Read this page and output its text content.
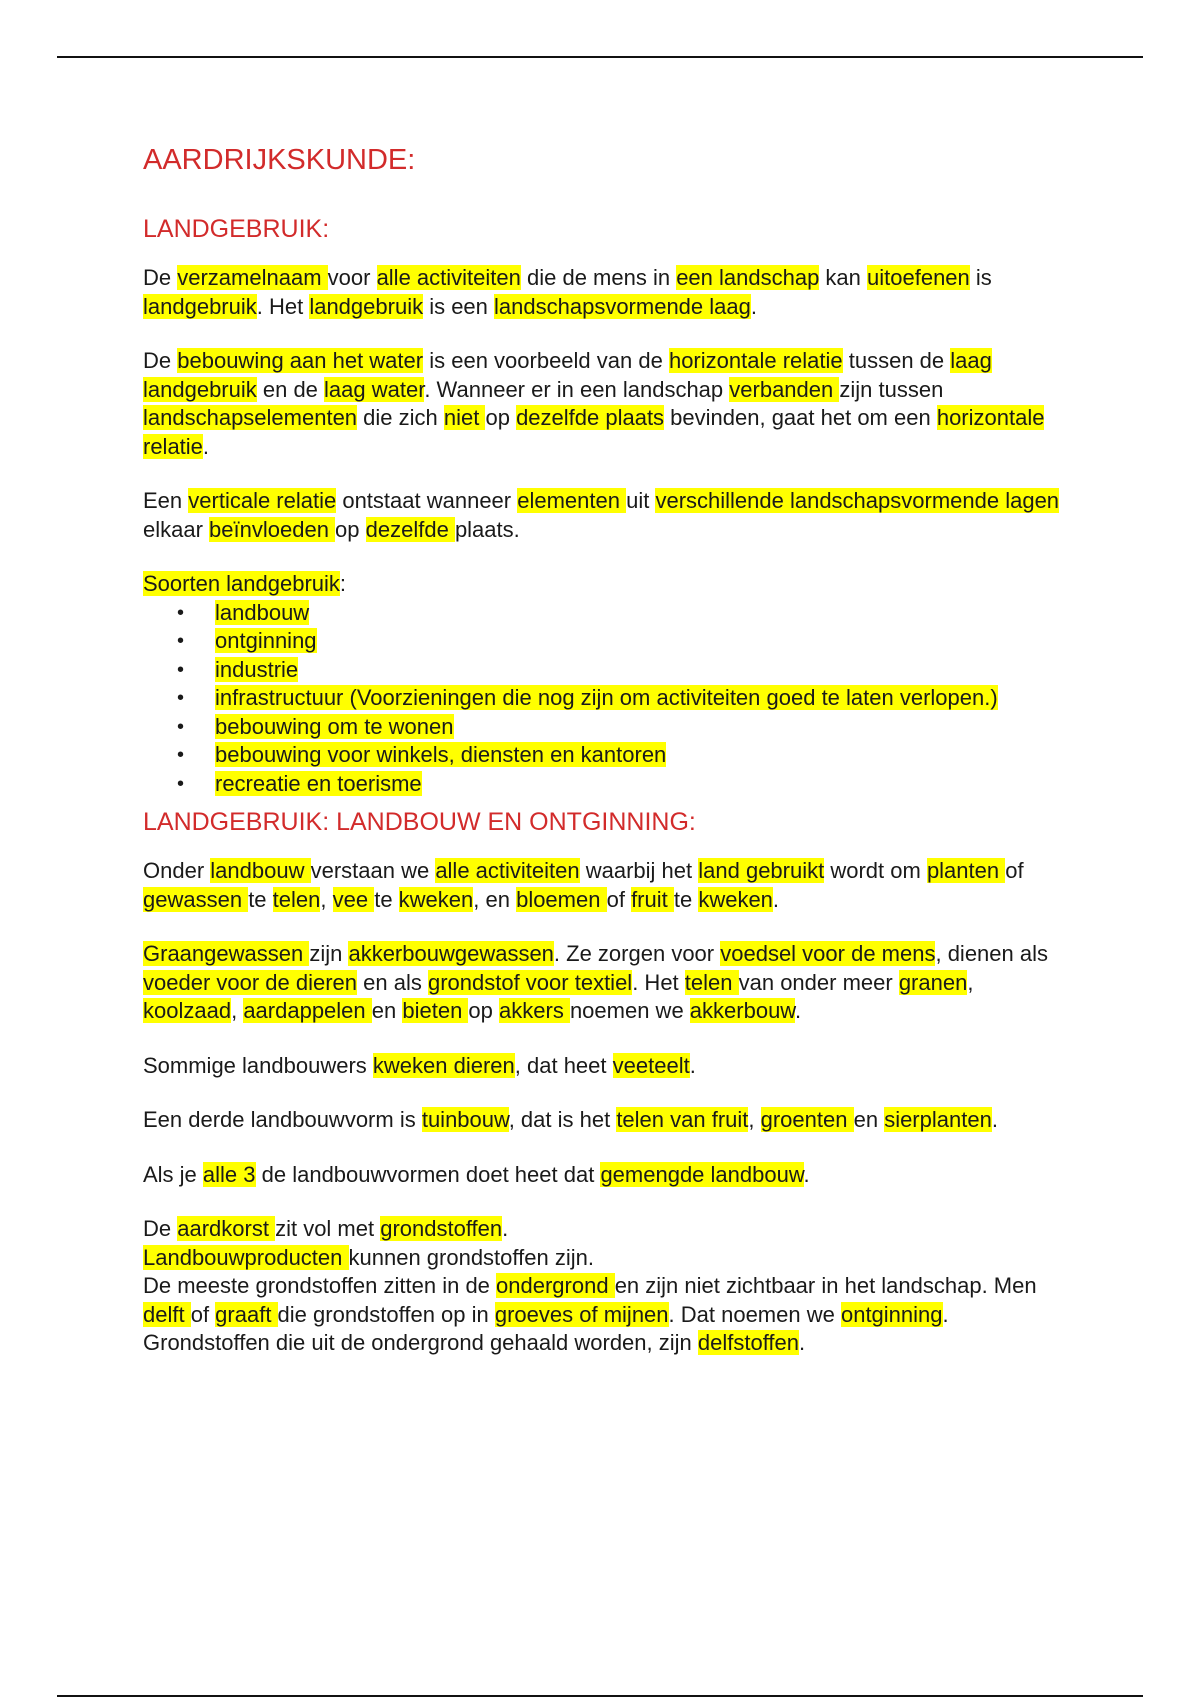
AARDRIJKSKUNDE:
LANDGEBRUIK:

De verzamelnaam voor alle activiteiten die de mens in een landschap kan uitoefenen is landgebruik. Het landgebruik is een landschapsvormende laag.

De bebouwing aan het water is een voorbeeld van de horizontale relatie tussen de laag landgebruik en de laag water. Wanneer er in een landschap verbanden zijn tussen landschapselementen die zich niet op dezelfde plaats bevinden, gaat het om een horizontale relatie.

Een verticale relatie ontstaat wanneer elementen uit verschillende landschapsvormende lagen elkaar beïnvloeden op dezelfde plaats.

Soorten landgebruik:

• landbouw
• ontginning
• industrie
• infrastructuur (Voorzieningen die nog zijn om activiteiten goed te laten verlopen.)
• bebouwing om te wonen
• bebouwing voor winkels, diensten en kantoren
• recreatie en toerisme
LANDGEBRUIK: LANDBOUW EN ONTGINNING:

Onder landbouw verstaan we alle activiteiten waarbij het land gebruikt wordt om planten of gewassen te telen, vee te kweken, en bloemen of fruit te kweken.

Graangewassen zijn akkerbouwgewassen. Ze zorgen voor voedsel voor de mens, dienen als voeder voor de dieren en als grondstof voor textiel. Het telen van onder meer granen, koolzaad, aardappelen en bieten op akkers noemen we akkerbouw.

Sommige landbouwers kweken dieren, dat heet veeteelt.

Een derde landbouwvorm is tuinbouw, dat is het telen van fruit, groenten en sierplanten.

Als je alle 3 de landbouwvormen doet heet dat gemengde landbouw.

De aardkorst zit vol met grondstoffen.

Landbouwproducten kunnen grondstoffen zijn.

De meeste grondstoffen zitten in de ondergrond en zijn niet zichtbaar in het landschap. Men delft of graaft die grondstoffen op in groeves of mijnen. Dat noemen we ontginning. Grondstoffen die uit de ondergrond gehaald worden, zijn delfstoffen.
